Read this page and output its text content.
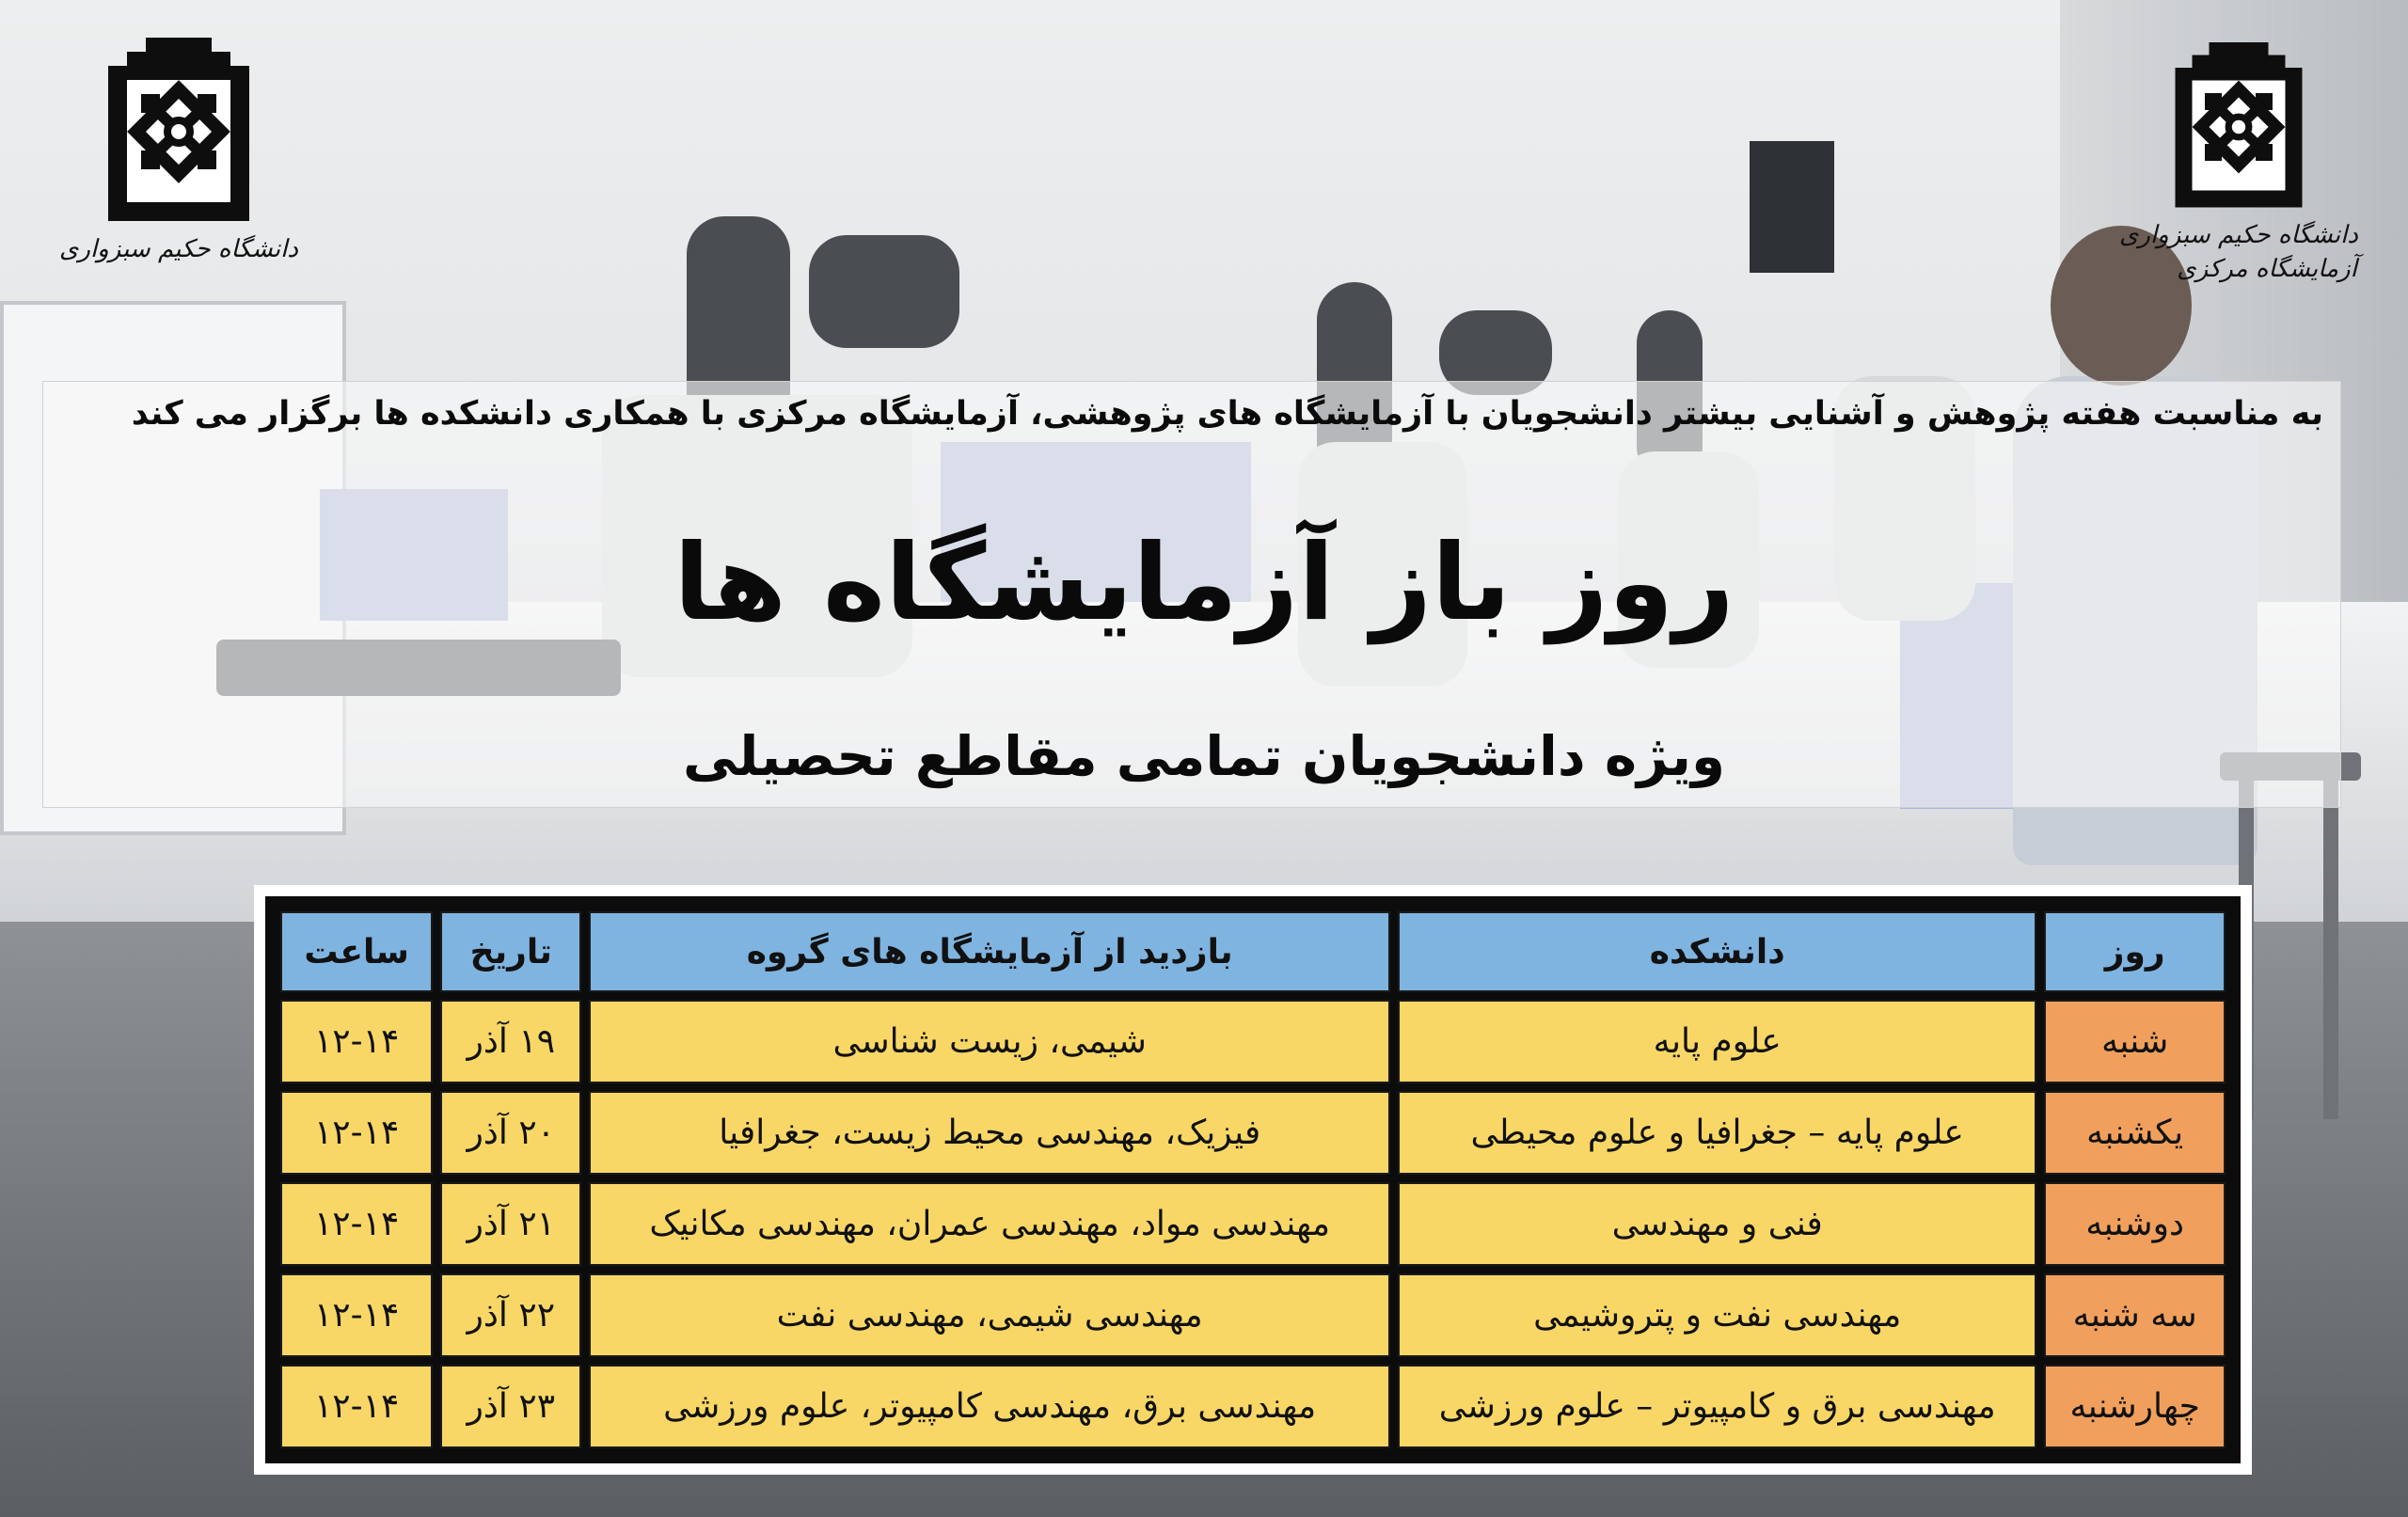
دانشگاه حکیم سبزواری	دانشگاه حکیم سبزواری
آزمایشگاه مرکزی
به مناسبت هفته پژوهش و آشنایی بیشتر دانشجویان با آزمایشگاه های پژوهشی، آزمایشگاه مرکزی با همکاری دانشکده ها برگزار می کند
روز باز آزمایشگاه ها
ویژه دانشجویان تمامی مقاطع تحصیلی
روز	دانشکده	بازدید از آزمایشگاه های گروه	تاریخ	ساعت
شنبه	علوم پایه	شیمی، زیست شناسی	۱۹ آذر	۱۲-۱۴
یکشنبه	علوم پایه – جغرافیا و علوم محیطی	فیزیک، مهندسی محیط زیست، جغرافیا	۲۰ آذر	۱۲-۱۴
دوشنبه	فنی و مهندسی	مهندسی مواد، مهندسی عمران، مهندسی مکانیک	۲۱ آذر	۱۲-۱۴
سه شنبه	مهندسی نفت و پتروشیمی	مهندسی شیمی، مهندسی نفت	۲۲ آذر	۱۲-۱۴
چهارشنبه	مهندسی برق و کامپیوتر – علوم ورزشی	مهندسی برق، مهندسی کامپیوتر، علوم ورزشی	۲۳ آذر	۱۲-۱۴
